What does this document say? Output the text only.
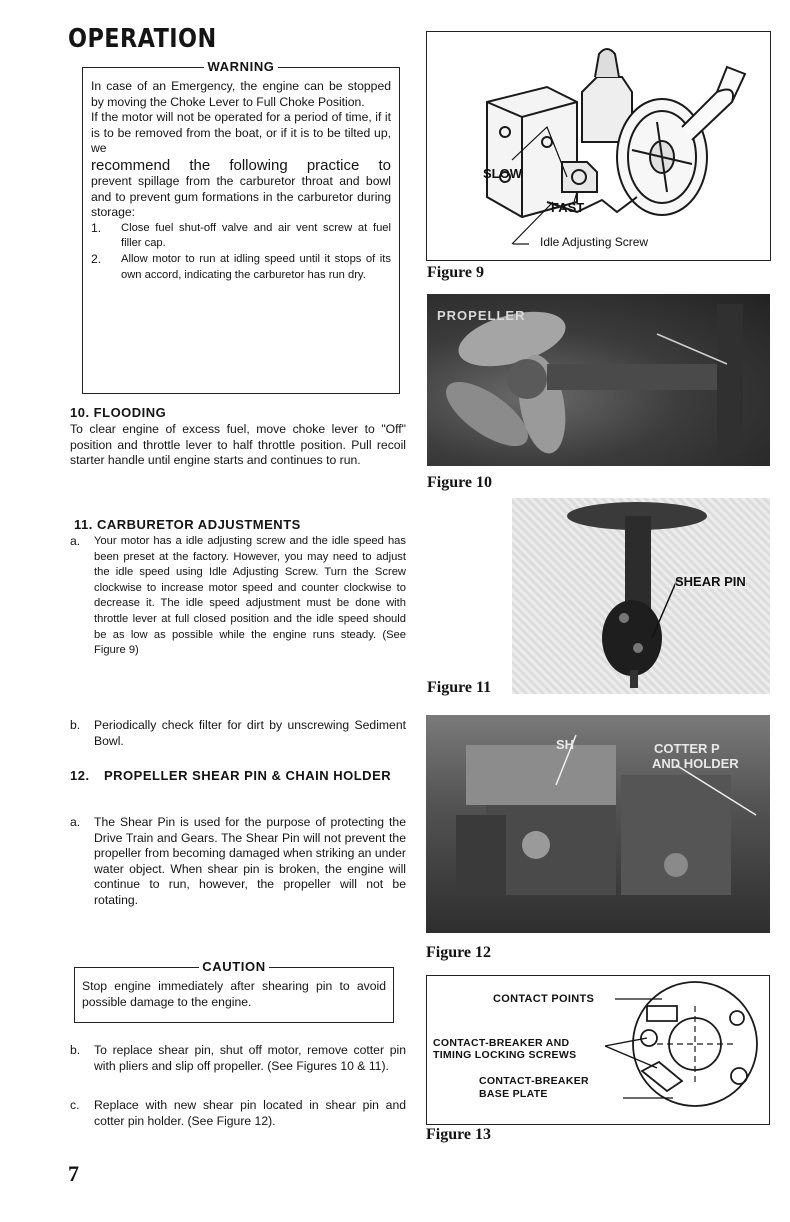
OPERATION
WARNING
In case of an Emergency, the engine can be stopped by moving the Choke Lever to Full Choke Position.
If the motor will not be operated for a period of time, if it is to be removed from the boat, or if it is to be tilted up, we
recommend the following practice to
prevent spillage from the carburetor throat and bowl and to prevent gum formations in the carburetor during storage:
1.	Close fuel shut-off valve and air vent screw at fuel filler cap.
2.	Allow motor to run at idling speed until it stops of its own accord, indicating the carburetor has run dry.
10. FLOODING
To clear engine of excess fuel, move choke lever to "Off" position and throttle lever to half throttle position. Pull recoil starter handle until engine starts and continues to run.
11. CARBURETOR ADJUSTMENTS
a.	Your motor has a idle adjusting screw and the idle speed has been preset at the factory. However, you may need to adjust the idle speed using Idle Adjusting Screw. Turn the Screw clockwise to increase motor speed and counter clockwise to decrease it. The idle speed adjustment must be done with throttle lever at full closed position and the idle speed should be as low as possible while the engine runs steady. (See Figure 9)
b.	Periodically check filter for dirt by unscrewing Sediment Bowl.
12.	PROPELLER SHEAR PIN & CHAIN HOLDER
a.	The Shear Pin is used for the purpose of protecting the Drive Train and Gears. The Shear Pin will not prevent the propeller from becoming damaged when striking an under water object. When shear pin is broken, the engine will continue to run, however, the propeller will not be rotating.
CAUTION
Stop engine immediately after shearing pin to avoid possible damage to the engine.
b.	To replace shear pin, shut off motor, remove cotter pin with pliers and slip off propeller. (See Figures 10 & 11).
c.	Replace with new shear pin located in shear pin and cotter pin holder. (See Figure 12).
7
SLOW
FAST
Idle Adjusting Screw
Figure 9
PROPELLER
Figure 10
SHEAR PIN
Figure 11
SH	COTTER P
AND HOLDER
Figure 12
CONTACT POINTS
CONTACT-BREAKER AND
TIMING LOCKING SCREWS
CONTACT-BREAKER
BASE PLATE
Figure 13
